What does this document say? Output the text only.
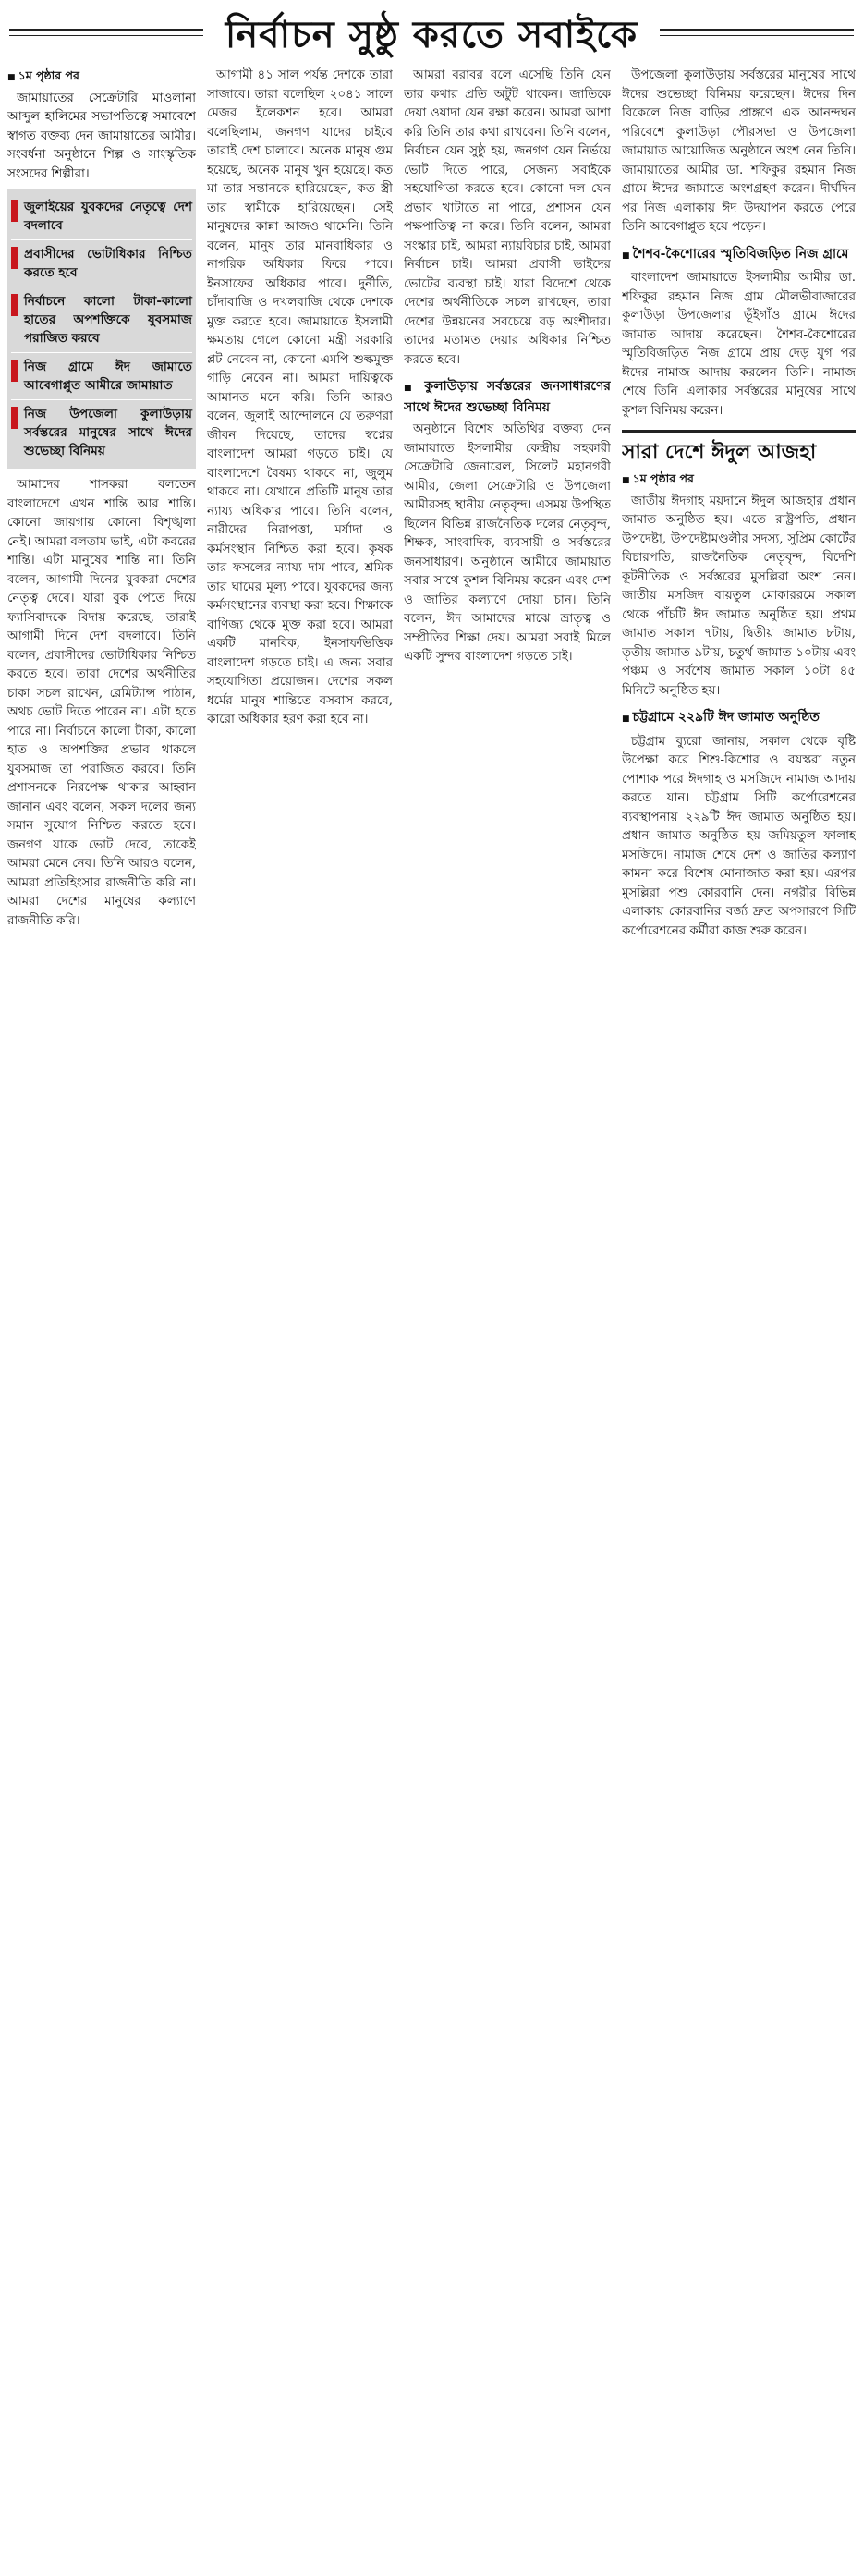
নির্বাচন সুষ্ঠু করতে সবাইকে
■ ১ম পৃষ্ঠার পর

জামায়াতের সেক্রেটারি মাওলানা আব্দুল হালিমের সভাপতিত্বে সমাবেশে স্বাগত বক্তব্য দেন জামায়াতের আমীর। সংবর্ধনা অনুষ্ঠানে শিল্প ও সাংস্কৃতিক সংসদের শিল্পীরা।

জুলাইয়ের যুবকদের নেতৃত্বে দেশ বদলাবে
প্রবাসীদের ভোটাধিকার নিশ্চিত করতে হবে
নির্বাচনে কালো টাকা-কালো হাতের অপশক্তিকে যুবসমাজ পরাজিত করবে
নিজ গ্রামে ঈদ জামাতে আবেগাপ্লুত আমীরে জামায়াত
নিজ উপজেলা কুলাউড়ায় সর্বস্তরের মানুষের সাথে ঈদের শুভেচ্ছা বিনিময়

আমাদের শাসকরা বলতেন বাংলাদেশে এখন শান্তি আর শান্তি। কোনো জায়গায় কোনো বিশৃঙ্খলা নেই। আমরা বলতাম ভাই, এটা কবরের শান্তি। এটা মানুষের শান্তি না। তিনি বলেন, আগামী দিনের যুবকরা দেশের নেতৃত্ব দেবে। যারা বুক পেতে দিয়ে ফ্যাসিবাদকে বিদায় করেছে, তারাই আগামী দিনে দেশ বদলাবে। তিনি বলেন, প্রবাসীদের ভোটাধিকার নিশ্চিত করতে হবে। তারা দেশের অর্থনীতির চাকা সচল রাখেন, রেমিট্যান্স পাঠান, অথচ ভোট দিতে পারেন না। এটা হতে পারে না। নির্বাচনে কালো টাকা, কালো হাত ও অপশক্তির প্রভাব থাকলে যুবসমাজ তা পরাজিত করবে। তিনি প্রশাসনকে নিরপেক্ষ থাকার আহ্বান জানান এবং বলেন, সকল দলের জন্য সমান সুযোগ নিশ্চিত করতে হবে। জনগণ যাকে ভোট দেবে, তাকেই আমরা মেনে নেব। তিনি আরও বলেন, আমরা প্রতিহিংসার রাজনীতি করি না। আমরা দেশের মানুষের কল্যাণে রাজনীতি করি।

আগামী ৪১ সাল পর্যন্ত দেশকে তারা সাজাবে। তারা বলেছিল ২০৪১ সালে মেজর ইলেকশন হবে। আমরা বলেছিলাম, জনগণ যাদের চাইবে তারাই দেশ চালাবে। অনেক মানুষ গুম হয়েছে, অনেক মানুষ খুন হয়েছে। কত মা তার সন্তানকে হারিয়েছেন, কত স্ত্রী তার স্বামীকে হারিয়েছেন। সেই মানুষদের কান্না আজও থামেনি। তিনি বলেন, মানুষ তার মানবাধিকার ও নাগরিক অধিকার ফিরে পাবে। ইনসাফের অধিকার পাবে। দুর্নীতি, চাঁদাবাজি ও দখলবাজি থেকে দেশকে মুক্ত করতে হবে। জামায়াতে ইসলামী ক্ষমতায় গেলে কোনো মন্ত্রী সরকারি প্লট নেবেন না, কোনো এমপি শুল্কমুক্ত গাড়ি নেবেন না। আমরা দায়িত্বকে আমানত মনে করি। তিনি আরও বলেন, জুলাই আন্দোলনে যে তরুণরা জীবন দিয়েছে, তাদের স্বপ্নের বাংলাদেশ আমরা গড়তে চাই। যে বাংলাদেশে বৈষম্য থাকবে না, জুলুম থাকবে না। যেখানে প্রতিটি মানুষ তার ন্যায্য অধিকার পাবে। তিনি বলেন, নারীদের নিরাপত্তা, মর্যাদা ও কর্মসংস্থান নিশ্চিত করা হবে। কৃষক তার ফসলের ন্যায্য দাম পাবে, শ্রমিক তার ঘামের মূল্য পাবে। যুবকদের জন্য কর্মসংস্থানের ব্যবস্থা করা হবে। শিক্ষাকে বাণিজ্য থেকে মুক্ত করা হবে। আমরা একটি মানবিক, ইনসাফভিত্তিক বাংলাদেশ গড়তে চাই। এ জন্য সবার সহযোগিতা প্রয়োজন। দেশের সকল ধর্মের মানুষ শান্তিতে বসবাস করবে, কারো অধিকার হরণ করা হবে না।

আমরা বরাবর বলে এসেছি তিনি যেন তার কথার প্রতি অটুট থাকেন। জাতিকে দেয়া ওয়াদা যেন রক্ষা করেন। আমরা আশা করি তিনি তার কথা রাখবেন। তিনি বলেন, নির্বাচন যেন সুষ্ঠু হয়, জনগণ যেন নির্ভয়ে ভোট দিতে পারে, সেজন্য সবাইকে সহযোগিতা করতে হবে। কোনো দল যেন প্রভাব খাটাতে না পারে, প্রশাসন যেন পক্ষপাতিত্ব না করে। তিনি বলেন, আমরা সংস্কার চাই, আমরা ন্যায়বিচার চাই, আমরা নির্বাচন চাই। আমরা প্রবাসী ভাইদের ভোটের ব্যবস্থা চাই। যারা বিদেশে থেকে দেশের অর্থনীতিকে সচল রাখছেন, তারা দেশের উন্নয়নের সবচেয়ে বড় অংশীদার। তাদের মতামত দেয়ার অধিকার নিশ্চিত করতে হবে।

■ কুলাউড়ায় সর্বস্তরের জনসাধারণের সাথে ঈদের শুভেচ্ছা বিনিময়

অনুষ্ঠানে বিশেষ অতিথির বক্তব্য দেন জামায়াতে ইসলামীর কেন্দ্রীয় সহকারী সেক্রেটারি জেনারেল, সিলেট মহানগরী আমীর, জেলা সেক্রেটারি ও উপজেলা আমীরসহ স্থানীয় নেতৃবৃন্দ। এসময় উপস্থিত ছিলেন বিভিন্ন রাজনৈতিক দলের নেতৃবৃন্দ, শিক্ষক, সাংবাদিক, ব্যবসায়ী ও সর্বস্তরের জনসাধারণ। অনুষ্ঠানে আমীরে জামায়াত সবার সাথে কুশল বিনিময় করেন এবং দেশ ও জাতির কল্যাণে দোয়া চান। তিনি বলেন, ঈদ আমাদের মাঝে ভ্রাতৃত্ব ও সম্প্রীতির শিক্ষা দেয়। আমরা সবাই মিলে একটি সুন্দর বাংলাদেশ গড়তে চাই।

উপজেলা কুলাউড়ায় সর্বস্তরের মানুষের সাথে ঈদের শুভেচ্ছা বিনিময় করেছেন। ঈদের দিন বিকেলে নিজ বাড়ির প্রাঙ্গণে এক আনন্দঘন পরিবেশে কুলাউড়া পৌরসভা ও উপজেলা জামায়াত আয়োজিত অনুষ্ঠানে অংশ নেন তিনি। জামায়াতের আমীর ডা. শফিকুর রহমান নিজ গ্রামে ঈদের জামাতে অংশগ্রহণ করেন। দীর্ঘদিন পর নিজ এলাকায় ঈদ উদযাপন করতে পেরে তিনি আবেগাপ্লুত হয়ে পড়েন।

■ শৈশব-কৈশোরের স্মৃতিবিজড়িত নিজ গ্রামে

বাংলাদেশ জামায়াতে ইসলামীর আমীর ডা. শফিকুর রহমান নিজ গ্রাম মৌলভীবাজারের কুলাউড়া উপজেলার ভূঁইগাঁও গ্রামে ঈদের জামাত আদায় করেছেন। শৈশব-কৈশোরের স্মৃতিবিজড়িত নিজ গ্রামে প্রায় দেড় যুগ পর ঈদের নামাজ আদায় করলেন তিনি। নামাজ শেষে তিনি এলাকার সর্বস্তরের মানুষের সাথে কুশল বিনিময় করেন।

সারা দেশে ঈদুল আজহা
■ ১ম পৃষ্ঠার পর

জাতীয় ঈদগাহ ময়দানে ঈদুল আজহার প্রধান জামাত অনুষ্ঠিত হয়। এতে রাষ্ট্রপতি, প্রধান উপদেষ্টা, উপদেষ্টামণ্ডলীর সদস্য, সুপ্রিম কোর্টের বিচারপতি, রাজনৈতিক নেতৃবৃন্দ, বিদেশি কূটনীতিক ও সর্বস্তরের মুসল্লিরা অংশ নেন। জাতীয় মসজিদ বায়তুল মোকাররমে সকাল থেকে পাঁচটি ঈদ জামাত অনুষ্ঠিত হয়। প্রথম জামাত সকাল ৭টায়, দ্বিতীয় জামাত ৮টায়, তৃতীয় জামাত ৯টায়, চতুর্থ জামাত ১০টায় এবং পঞ্চম ও সর্বশেষ জামাত সকাল ১০টা ৪৫ মিনিটে অনুষ্ঠিত হয়।

■ চট্টগ্রামে ২২৯টি ঈদ জামাত অনুষ্ঠিত

চট্টগ্রাম ব্যুরো জানায়, সকাল থেকে বৃষ্টি উপেক্ষা করে শিশু-কিশোর ও বয়স্করা নতুন পোশাক পরে ঈদগাহ ও মসজিদে নামাজ আদায় করতে যান। চট্টগ্রাম সিটি কর্পোরেশনের ব্যবস্থাপনায় ২২৯টি ঈদ জামাত অনুষ্ঠিত হয়। প্রধান জামাত অনুষ্ঠিত হয় জমিয়তুল ফালাহ মসজিদে। নামাজ শেষে দেশ ও জাতির কল্যাণ কামনা করে বিশেষ মোনাজাত করা হয়। এরপর মুসল্লিরা পশু কোরবানি দেন। নগরীর বিভিন্ন এলাকায় কোরবানির বর্জ্য দ্রুত অপসারণে সিটি কর্পোরেশনের কর্মীরা কাজ শুরু করেন।
